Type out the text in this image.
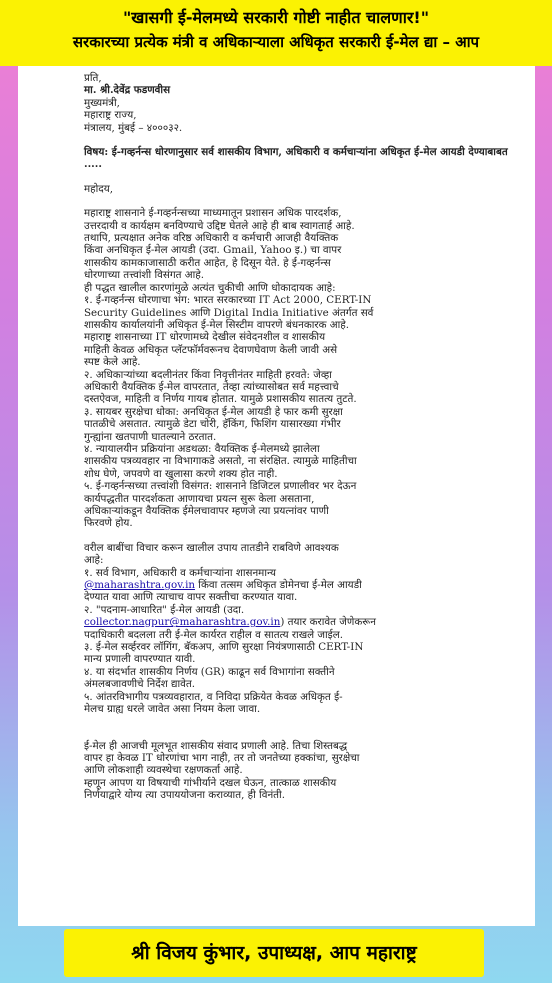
"खासगी ई-मेलमध्ये सरकारी गोष्टी नाहीत चालणार!"
सरकारच्या प्रत्येक मंत्री व अधिकाऱ्याला अधिकृत सरकारी ई-मेल द्या – आप

प्रति,

मा. श्री.देवेंद्र फडणवीस

मुख्यमंत्री,

महाराष्ट्र राज्य,

मंत्रालय, मुंबई – ४०००३२.

विषय: ई-गव्हर्नन्स धोरणानुसार सर्व शासकीय विभाग, अधिकारी व कर्मचाऱ्यांना अधिकृत ई-मेल आयडी देण्याबाबत .....

महोदय,

महाराष्ट्र शासनाने ई-गव्हर्नन्सच्या माध्यमातून प्रशासन अधिक पारदर्शक,

उत्तरदायी व कार्यक्षम बनविण्याचे उद्दिष्ट घेतले आहे ही बाब स्वागतार्ह आहे.

तथापि, प्रत्यक्षात अनेक वरिष्ठ अधिकारी व कर्मचारी आजही वैयक्तिक

किंवा अनधिकृत ई-मेल आयडी (उदा. Gmail, Yahoo इ.) चा वापर

शासकीय कामकाजासाठी करीत आहेत, हे दिसून येते. हे ई-गव्हर्नन्स

धोरणाच्या तत्त्वांशी विसंगत आहे.

ही पद्धत खालील कारणांमुळे अत्यंत चुकीची आणि धोकादायक आहे:

१. ई-गव्हर्नन्स धोरणाचा भंग: भारत सरकारच्या IT Act 2000, CERT-IN

Security Guidelines आणि Digital India Initiative अंतर्गत सर्व

शासकीय कार्यालयांनी अधिकृत ई-मेल सिस्टीम वापरणे बंधनकारक आहे.

महाराष्ट्र शासनाच्या IT धोरणामध्ये देखील संवेदनशील व शासकीय

माहिती केवळ अधिकृत प्लॅटफॉर्मवरूनच देवाणघेवाण केली जावी असे

स्पष्ट केले आहे.

२. अधिकाऱ्यांच्या बदलीनंतर किंवा निवृत्तीनंतर माहिती हरवते: जेव्हा

अधिकारी वैयक्तिक ई-मेल वापरतात, तेव्हा त्यांच्यासोबत सर्व महत्त्वाचे

दस्तऐवज, माहिती व निर्णय गायब होतात. यामुळे प्रशासकीय सातत्य तुटते.

३. सायबर सुरक्षेचा धोका: अनधिकृत ई-मेल आयडी हे फार कमी सुरक्षा

पातळीचे असतात. त्यामुळे डेटा चोरी, हॅकिंग, फिशिंग यासारख्या गंभीर

गुन्ह्यांना खतपाणी घातल्याने ठरतात.

४. न्यायालयीन प्रक्रियांना अडथळा: वैयक्तिक ई-मेलमध्ये झालेला

शासकीय पत्रव्यवहार ना विभागाकडे असतो, ना संरक्षित. त्यामुळे माहितीचा

शोध घेणे, जपवणे वा खुलासा करणे शक्य होत नाही.

५. ई-गव्हर्नन्सच्या तत्त्वांशी विसंगत: शासनाने डिजिटल प्रणालीवर भर देऊन

कार्यपद्धतीत पारदर्शकता आणायचा प्रयत्न सुरू केला असताना,

अधिकाऱ्यांकडून वैयक्तिक ईमेलचावापर म्हणजे त्या प्रयत्नांवर पाणी

फिरवणे होय.

वरील बाबींचा विचार करून खालील उपाय तातडीने राबविणे आवश्यक

आहे:

१. सर्व विभाग, अधिकारी व कर्मचाऱ्यांना शासनमान्य

@maharashtra.gov.in किंवा तत्सम अधिकृत डोमेनचा ई-मेल आयडी

देण्यात यावा आणि त्याचाच वापर सक्तीचा करण्यात यावा.

२. "पदनाम-आधारित" ई-मेल आयडी (उदा.

collector.nagpur@maharashtra.gov.in) तयार करावेत जेणेकरून

पदाधिकारी बदलला तरी ई-मेल कार्यरत राहील व सातत्य राखले जाईल.

३. ई-मेल सर्व्हरवर लॉगिंग, बॅकअप, आणि सुरक्षा नियंत्रणासाठी CERT-IN

मान्य प्रणाली वापरण्यात यावी.

४. या संदर्भात शासकीय निर्णय (GR) काढून सर्व विभागांना सक्तीने

अंमलबजावणीचे निर्देश द्यावेत.

५. आंतरविभागीय पत्रव्यवहारात, व निविदा प्रक्रियेत केवळ अधिकृत ई-

मेलच ग्राह्य धरले जावेत असा नियम केला जावा.

ई-मेल ही आजची मूलभूत शासकीय संवाद प्रणाली आहे. तिचा शिस्तबद्ध

वापर हा केवळ IT धोरणांचा भाग नाही, तर तो जनतेच्या हक्कांचा, सुरक्षेचा

आणि लोकशाही व्यवस्थेचा रक्षणकर्ता आहे.

म्हणून आपण या विषयाची गांभीर्याने दखल घेऊन, तात्काळ शासकीय

निर्णयाद्वारे योग्य त्या उपाययोजना कराव्यात, ही विनंती.

श्री विजय कुंभार, उपाध्यक्ष, आप महाराष्ट्र
